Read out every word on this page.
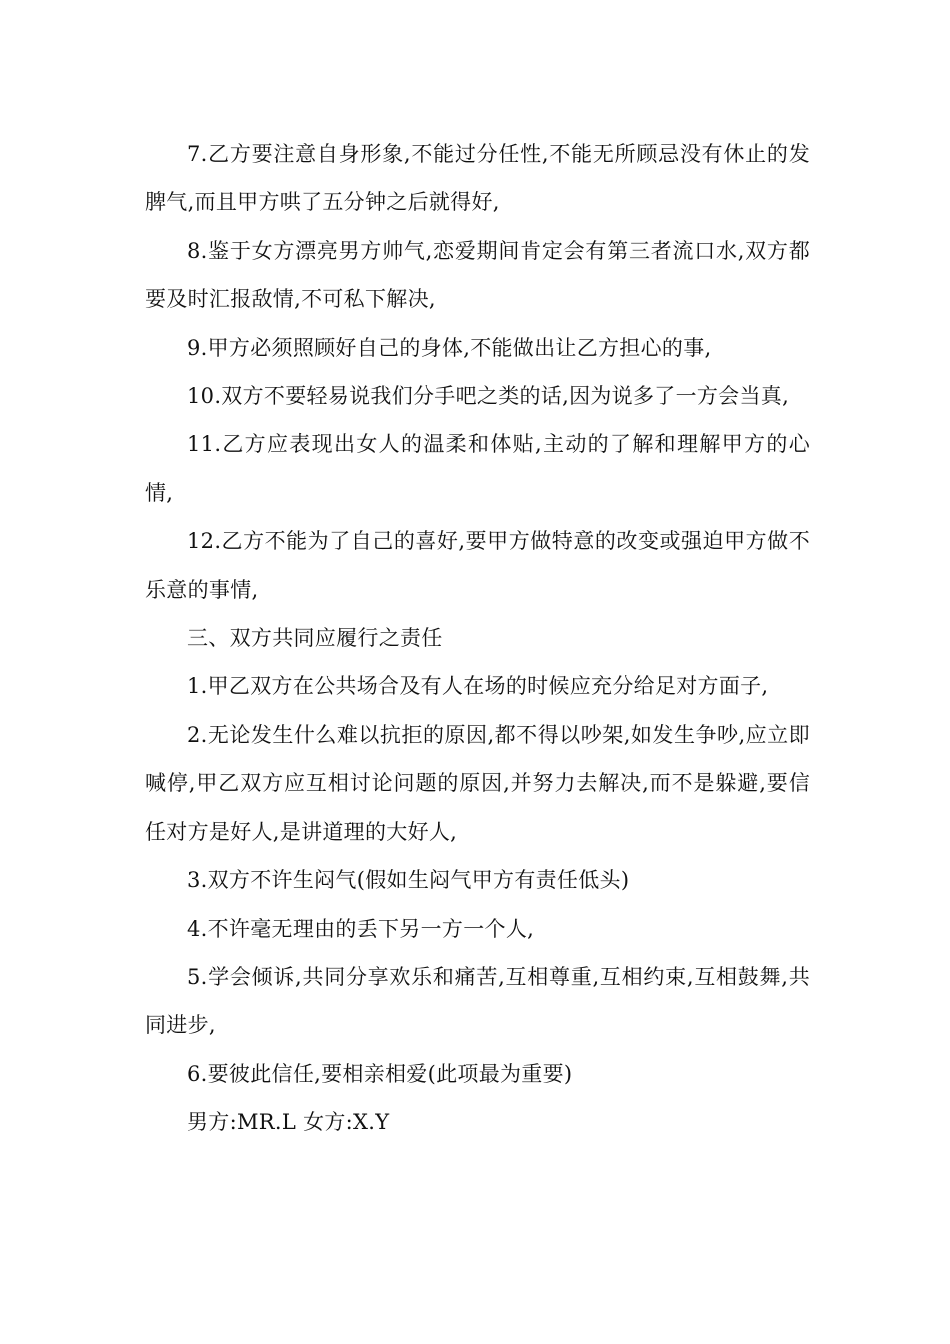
7.乙方要注意自身形象,不能过分任性,不能无所顾忌没有休止的发脾气,而且甲方哄了五分钟之后就得好,

8.鉴于女方漂亮男方帅气,恋爱期间肯定会有第三者流口水,双方都要及时汇报敌情,不可私下解决,

9.甲方必须照顾好自己的身体,不能做出让乙方担心的事,

10.双方不要轻易说我们分手吧之类的话,因为说多了一方会当真,

11.乙方应表现出女人的温柔和体贴,主动的了解和理解甲方的心情,

12.乙方不能为了自己的喜好,要甲方做特意的改变或强迫甲方做不乐意的事情,

三、双方共同应履行之责任

1.甲乙双方在公共场合及有人在场的时候应充分给足对方面子,

2.无论发生什么难以抗拒的原因,都不得以吵架,如发生争吵,应立即喊停,甲乙双方应互相讨论问题的原因,并努力去解决,而不是躲避,要信任对方是好人,是讲道理的大好人,

3.双方不许生闷气(假如生闷气甲方有责任低头)

4.不许毫无理由的丢下另一方一个人,

5.学会倾诉,共同分享欢乐和痛苦,互相尊重,互相约束,互相鼓舞,共同进步,

6.要彼此信任,要相亲相爱(此项最为重要)

男方:MR.L 女方:X.Y
